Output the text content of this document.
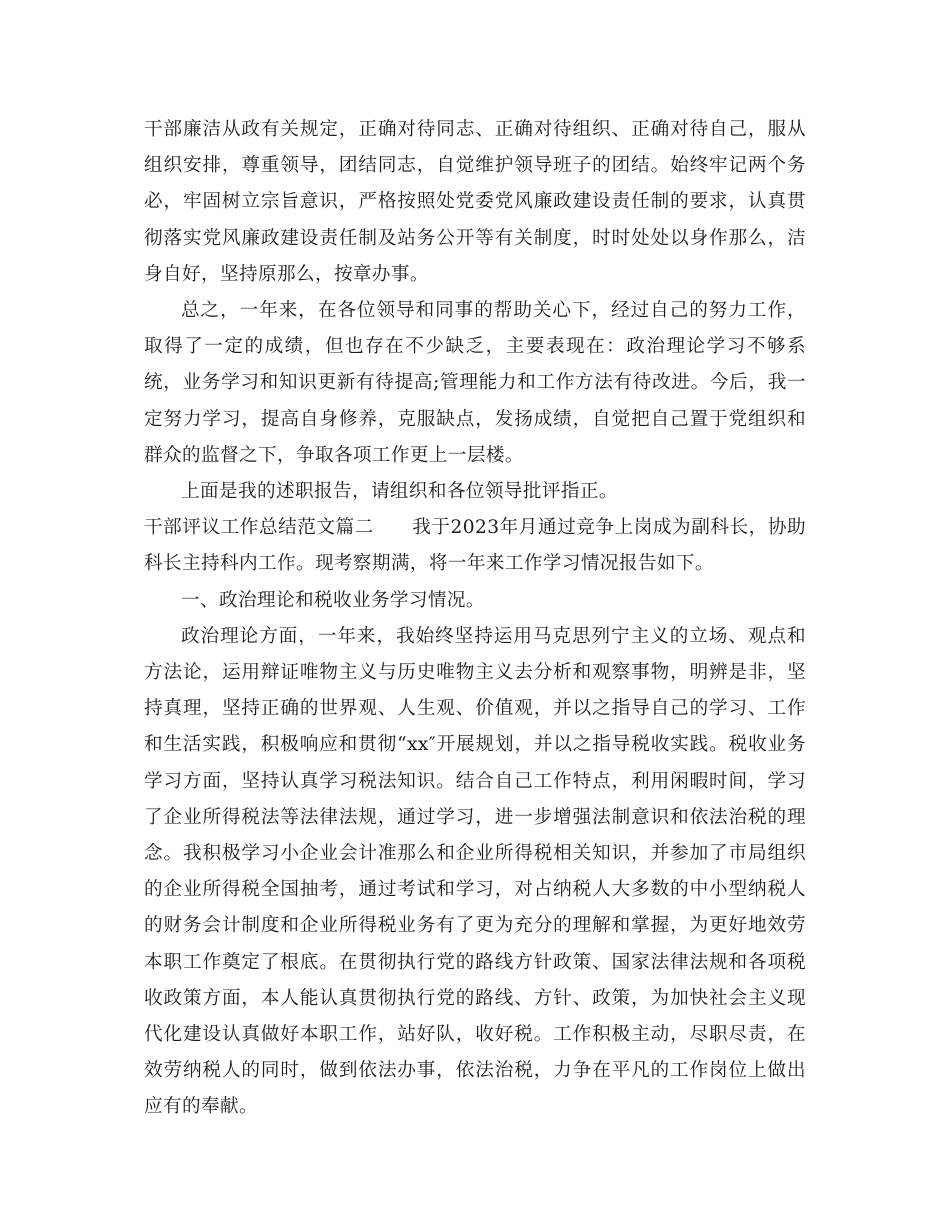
干部廉洁从政有关规定，正确对待同志、正确对待组织、正确对待自己，服从组织安排，尊重领导，团结同志，自觉维护领导班子的团结。始终牢记两个务必，牢固树立宗旨意识，严格按照处党委党风廉政建设责任制的要求，认真贯彻落实党风廉政建设责任制及站务公开等有关制度，时时处处以身作那么，洁身自好，坚持原那么，按章办事。

总之，一年来，在各位领导和同事的帮助关心下，经过自己的努力工作，取得了一定的成绩，但也存在不少缺乏，主要表现在：政治理论学习不够系统，业务学习和知识更新有待提高;管理能力和工作方法有待改进。今后，我一定努力学习，提高自身修养，克服缺点，发扬成绩，自觉把自己置于党组织和群众的监督之下，争取各项工作更上一层楼。

上面是我的述职报告，请组织和各位领导批评指正。

干部评议工作总结范文篇二　　我于2023年月通过竞争上岗成为副科长，协助科长主持科内工作。现考察期满，将一年来工作学习情况报告如下。

一、政治理论和税收业务学习情况。

政治理论方面，一年来，我始终坚持运用马克思列宁主义的立场、观点和方法论，运用辩证唯物主义与历史唯物主义去分析和观察事物，明辨是非，坚持真理，坚持正确的世界观、人生观、价值观，并以之指导自己的学习、工作和生活实践，积极响应和贯彻“xx″开展规划，并以之指导税收实践。税收业务学习方面，坚持认真学习税法知识。结合自己工作特点，利用闲暇时间，学习了企业所得税法等法律法规，通过学习，进一步增强法制意识和依法治税的理念。我积极学习小企业会计准那么和企业所得税相关知识，并参加了市局组织的企业所得税全国抽考，通过考试和学习，对占纳税人大多数的中小型纳税人的财务会计制度和企业所得税业务有了更为充分的理解和掌握，为更好地效劳本职工作奠定了根底。在贯彻执行党的路线方针政策、国家法律法规和各项税收政策方面，本人能认真贯彻执行党的路线、方针、政策，为加快社会主义现代化建设认真做好本职工作，站好队，收好税。工作积极主动，尽职尽责，在效劳纳税人的同时，做到依法办事，依法治税，力争在平凡的工作岗位上做出应有的奉献。
